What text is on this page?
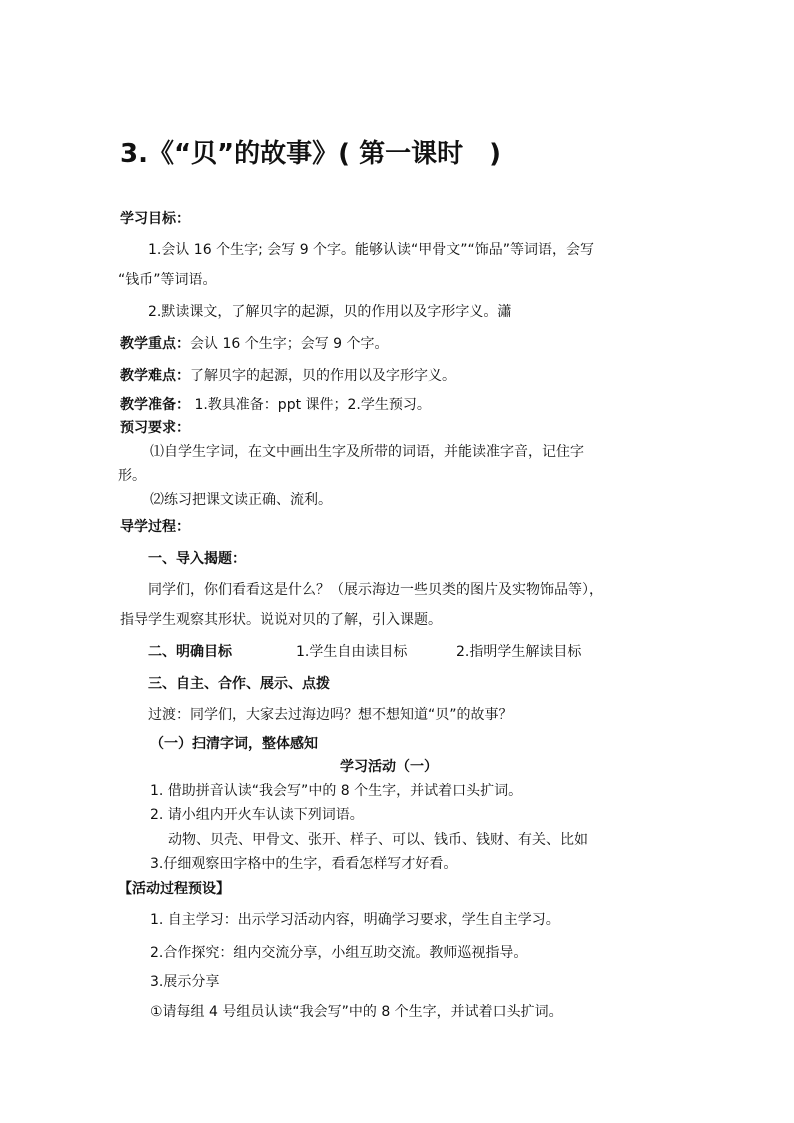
3.《“贝”的故事》( 第一课时　)
学习目标：
1.会认 16 个生字; 会写 9 个字。能够认读“甲骨文”“饰品”等词语，会写
“钱币”等词语。
2.默读课文，了解贝字的起源，贝的作用以及字形字义。瀟
教学重点：会认 16 个生字；会写 9 个字。
教学难点：了解贝字的起源，贝的作用以及字形字义。
教学准备： 1.教具准备：ppt 课件；2.学生预习。
预习要求：
⑴自学生字词，在文中画出生字及所带的词语，并能读准字音，记住字
形。
⑵练习把课文读正确、流利。
导学过程：
一、导入揭题：
同学们，你们看看这是什么？（展示海边一些贝类的图片及实物饰品等），
指导学生观察其形状。说说对贝的了解，引入课题。
二、明确目标	1.学生自由读目标	2.指明学生解读目标
三、自主、合作、展示、点拨
过渡：同学们，大家去过海边吗？想不想知道“贝”的故事？
（一）扫清字词，整体感知
学习活动（一）
1. 借助拼音认读“我会写”中的 8 个生字，并试着口头扩词。
2. 请小组内开火车认读下列词语。
动物、贝壳、甲骨文、张开、样子、可以、钱币、钱财、有关、比如
3.仔细观察田字格中的生字，看看怎样写才好看。
【活动过程预设】
1. 自主学习：出示学习活动内容，明确学习要求，学生自主学习。
2.合作探究：组内交流分享，小组互助交流。教师巡视指导。
3.展示分享
①请每组 4 号组员认读“我会写”中的 8 个生字，并试着口头扩词。
